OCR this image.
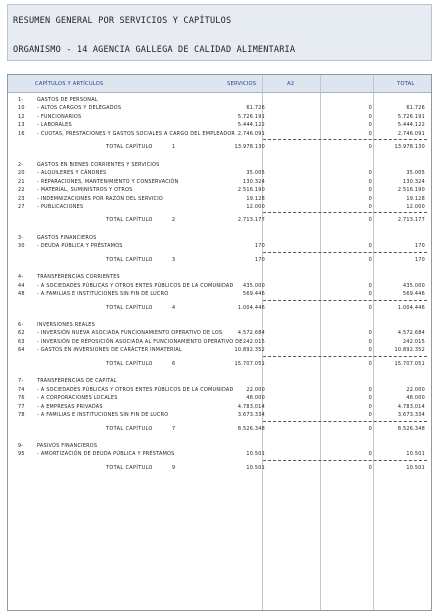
RESUMEN GENERAL POR SERVICIOS Y CAPÍTULOS
ORGANISMO - 14 AGENCIA GALLEGA DE CALIDAD ALIMENTARIA
CAPÍTULOS Y ARTÍCULOS	SERVICIOS	A2	TOTAL
1-	GASTOS DE PERSONAL
10	- ALTOS CARGOS Y DELEGADOS	61.726	0	61.726
12	- FUNCIONARIOS	5.726.191	0	5.726.191
13	- LABORALES	5.444.122	0	5.444.122
16	- CUOTAS, PRESTACIONES Y GASTOS SOCIALES A CARGO DEL EMPLEADOR 2.746.091	0	2.746.091
TOTAL CAPÍTULO	1	13.978.130	0	13.978.130
2-	GASTOS EN BIENES CORRIENTES Y SERVICIOS
20	- ALQUILERES Y CÁNONES	35.005	0	35.005
21	- REPARACIONES, MANTENIMIENTO Y CONSERVACIÓN	130.324	0	130.324
22	- MATERIAL, SUMINISTROS Y OTROS	2.516.190	0	2.516.190
23	- INDEMNIZACIONES POR RAZÓN DEL SERVICIO	19.128	0	19.128
27	- PUBLICACIONES	12.000	0	12.000
TOTAL CAPÍTULO	2	2.713.177	0	2.713.177
3-	GASTOS FINANCIEROS
30	- DEUDA PÚBLICA Y PRÉSTAMOS	170	0	170
TOTAL CAPÍTULO	3	170	0	170
4-	TRANSFERENCIAS CORRIENTES
44	- A SOCIEDADES PÚBLICAS Y OTROS ENTES PÚBLICOS DE LA COMUNIDAD 435.000	0	435.000
48	- A FAMILIAS E INSTITUCIONES SIN FIN DE LUCRO	569.446	0	569.446
TOTAL CAPÍTULO	4	1.004.446	0	1.004.446
6-	INVERSIONES REALES
62	- INVERSIÓN NUEVA ASOCIADA FUNCIONAMIENTO OPERATIVO DE LOS	4.572.684	0	4.572.684
63	- INVERSIÓN DE REPOSICIÓN ASOCIADA AL FUNCIONAMIENTO OPERATIVO DE 242.015	0	242.015
64	- GASTOS EN INVERSIONES DE CARÁCTER INMATERIAL	10.892.352	0	10.892.352
TOTAL CAPÍTULO	6	15.707.051	0	15.707.051
7-	TRANSFERENCIAS DE CAPITAL
74	- A SOCIEDADES PÚBLICAS Y OTROS ENTES PÚBLICOS DE LA COMUNIDAD	22.000	0	22.000
76	- A CORPORACIONES LOCALES	48.000	0	48.000
77	- A EMPRESAS PRIVADAS	4.783.014	0	4.783.014
78	- A FAMILIAS E INSTITUCIONES SIN FIN DE LUCRO	3.673.334	0	3.673.334
TOTAL CAPÍTULO	7	8.526.348	0	8.526.348
9-	PASIVOS FINANCIEROS
95	- AMORTIZACIÓN DE DEUDA PÚBLICA Y PRÉSTAMOS	10.501	0	10.501
TOTAL CAPÍTULO	9	10.501	0	10.501
